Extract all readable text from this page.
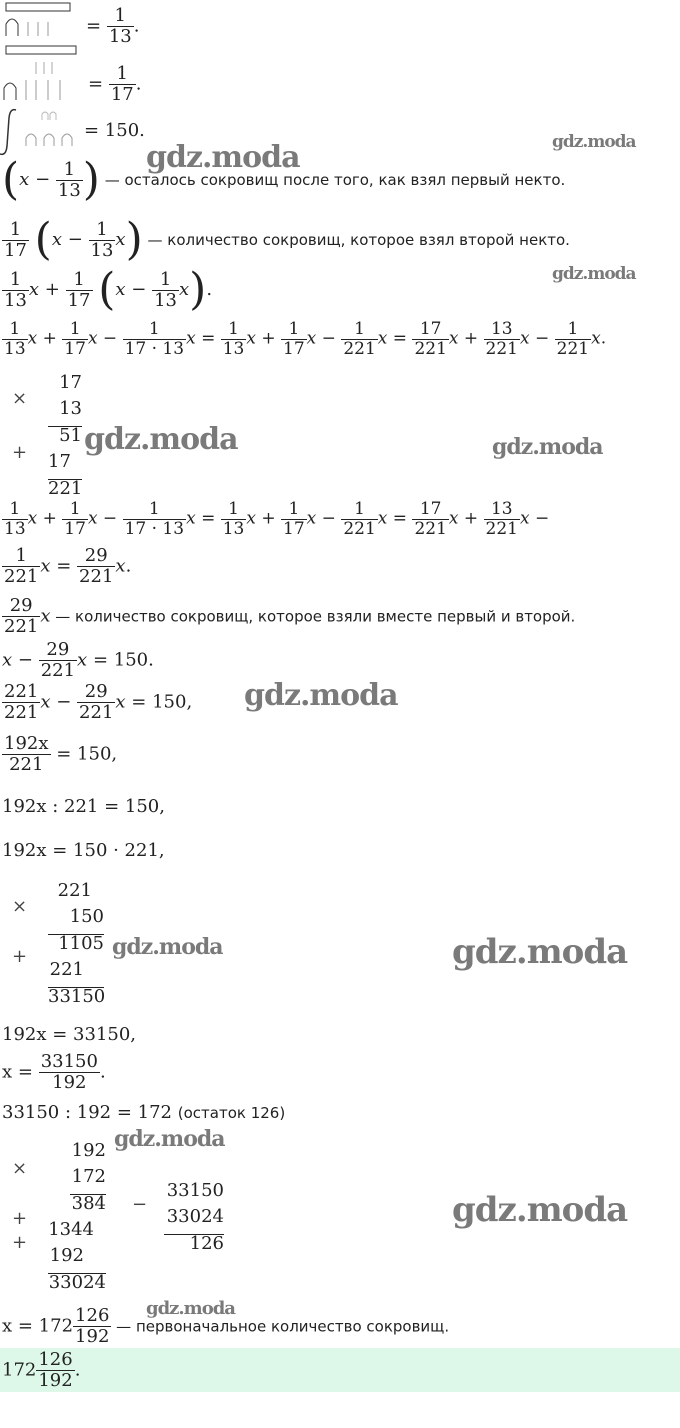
= $\frac{1}{13}$ .
= $\frac{1}{17}$ .
= 150.
($x - \frac{1}{13}$ ) — осталось сокровищ после того, как взял первый некто.
$\frac{1}{17} (x - \frac{1}{13} x)$ — количество сокровищ, которое взял второй некто.
$\frac{1}{13}$ $x + \frac{1}{17} (x - \frac{1}{13} x)$.
$\frac{1}{13}$ $x + \frac{1}{17}$ $x - \frac{1}{17 \cdot 13}$ $x = \frac{1}{13}$ $x + \frac{1}{17}$ $x - \frac{1}{221}$ $x = \frac{17}{221}$ $x + \frac{13}{221}$ $x - \frac{1}{221} x$.
×
+
17
13
51
17
221
$\frac{1}{13}$ $x + \frac{1}{17}$ $x - \frac{1}{17 \cdot 13}$ $x = \frac{1}{13}$ $x + \frac{1}{17}$ $x - \frac{1}{221}$ $x = \frac{17}{221}$ $x + \frac{13}{221}$ x −
$\frac{1}{221}$ $x = \frac{29}{221} x$.
$\frac{29}{221}$ x — количество сокровищ, которое взяли вместе первый и второй.
$x - \frac{29}{221}$ x = 150.
$\frac{221}{221}$ $x - \frac{29}{221}$ x = 150,
$\frac{192x}{221} = 150$,
192x : 221 = 150,
192x = 150 · 221,
×
+
221
150
1105
221
33150
192x = 33150,
$x = \frac{33150}{192}$ .
33150 : 192 = 172 (остаток 126)
×
+
+
192
172
384
1344
192
33024
−
33150
33024
126
$x = 172 \frac{126}{192}$ — первоначальное количество сокровищ.
$172 \frac{126}{192}$ .
gdz.moda
gdz.moda
gdz.moda
gdz.moda	gdz.moda
gdz.moda
gdz.moda	gdz.moda
gdz.moda
gdz.moda
gdz.moda
